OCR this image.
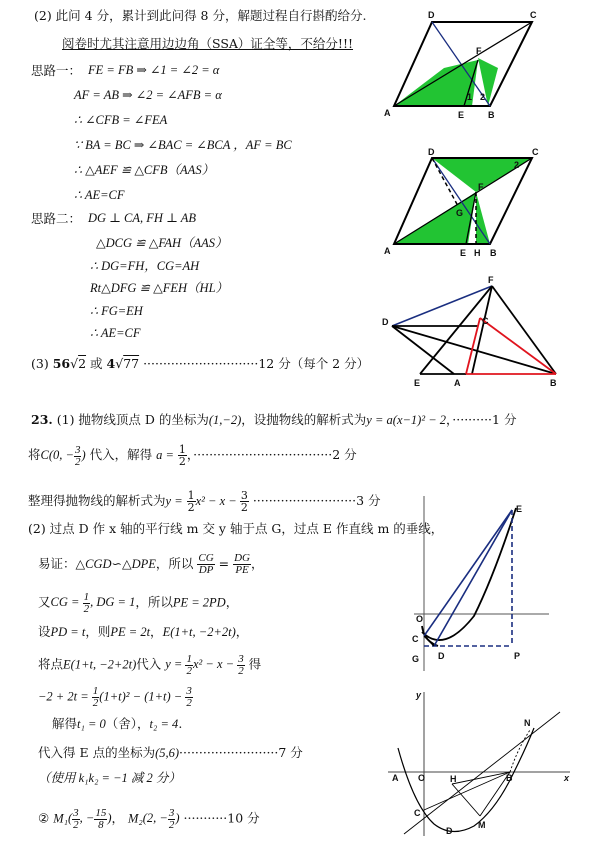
(2) 此问 4 分，累计到此问得 8 分，解题过程自行斟酌给分.
阅卷时尤其注意用边边角（SSA）证全等，不给分!!!
思路一： FE = FB ⇒ ∠1 = ∠2 = α
AF = AB ⇒ ∠2 = ∠AFB = α
∴ ∠CFB = ∠FEA
∵ BA = BC ⇒ ∠BAC = ∠BCA ，AF = BC
∴ △AEF ≌ △CFB（AAS）
∴ AE=CF
思路二： DG ⊥ CA, FH ⊥ AB
△DCG ≌ △FAH（AAS）
∴ DG=FH，CG=AH
Rt△DFG ≌ △FEH（HL）
∴ FG=EH
∴ AE=CF
(3) 56√2 或 4√77 ·····························12 分（每个 2 分）
23. (1) 抛物线顶点 D 的坐标为(1,−2)，设抛物线的解析式为y = a(x−1)² − 2，··········1 分
将C(0, − $\frac{3}{2}$ ) 代入，解得 $a = \frac{1}{2}$ ，···································2 分
整理得抛物线的解析式为$y = \frac{1}{2} x^2 - x - \frac{3}{2} \cdot\cdot\cdot\cdot\cdot\cdot\cdot\cdot\cdot\cdot\cdot\cdot\cdot\cdot\cdot\cdot\cdot\cdot\cdot\cdot\cdot\cdot\cdot\cdot\cdot\cdot 3$ 分
(2) 过点 D 作 x 轴的平行线 m 交 y 轴于点 G，过点 E 作直线 m 的垂线，
易证：△CGD∽△DPE，所以 $\frac{CG}{DP} = \frac{DG}{PE}$ ，
又CG = $\frac{1}{2}$ , DG = 1，所以PE = 2PD，
设PD = t，则PE = 2t，E(1+t, −2+2t)，
将点E(1+t, −2+2t)代入 $y = \frac{1}{2} x^2 - x - \frac{3}{2}$ 得
$-2 + 2t = \frac{1}{2} (1+t)^2 - (1+t) - \frac{3}{2}$
解得t₁ = 0（舍），t₂ = 4.
代入得 E 点的坐标为(5,6)·························7 分
（使用 k₁k₂ = −1 减 2 分）
② $M_1( \frac{3}{2}$ , − $\frac{15}{8}$ )， M₂(2, − $\frac{3}{2}$ ) ···········10 分
D	C
F
A	E	B
1 2
D	C
F
G
A	E H B
2
F
D	C
E	A	B
E
O
C
G D	P
y
N
A O	H	B	x
C
M
D
